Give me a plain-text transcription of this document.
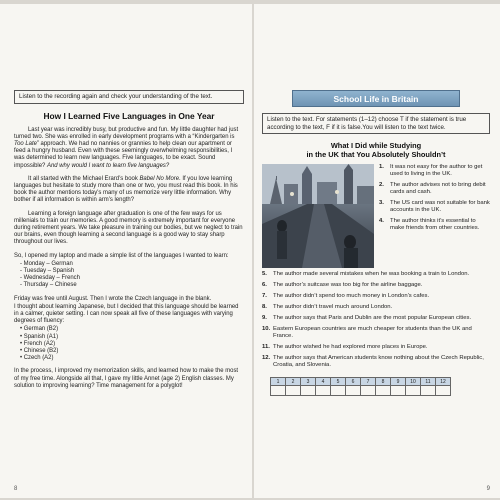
Listen to the recording again and check your understanding of the text.
How I Learned Five Languages in One Year

Last year was incredibly busy, but productive and fun. My little daughter had just turned two. She was enrolled in early development programs with a “Kindergarten is Too Late” approach. We had no nannies or grannies to help clean our apartment or feed a hungry husband. Even with these seemingly overwhelming responsibilities, I was determined to learn new languages. Five languages, to be exact. Sound impossible? And why would I want to learn five languages?

It all started with the Michael Erard’s book Babel No More. If you love learning languages but hesitate to study more than one or two, you must read this book. In his book the author mentions today’s many of us memorize very little information. Why bother if all information is within arm’s length?

Learning a foreign language after graduation is one of the few ways for us millenials to train our memories. A good memory is extremely important for everyone during retirement years. We take pleasure in training our bodies, but we neglect to train our brains, even though learning a second language is a good way to stay sharp throughout our lives.

So, I opened my laptop and made a simple list of the languages I wanted to learn:

- Monday – German
- Tuesday – Spanish
- Wednesday – French
- Thursday – Chinese

Friday was free until August. Then I wrote the Czech language in the blank.

I thought about learning Japanese, but I decided that this language should be learned in a calmer, quieter setting. I can now speak all five of these languages with varying degrees of fluency:

• German (B2)
• Spanish (A1)
• French (A2)
• Chinese (B2)
• Czech (A2)

In the process, I improved my memorization skills, and learned how to make the most of my free time. Alongside all that, I gave my little Annet (age 2) English classes. My solution to improving learning? Time management for a polyglot!

8
School Life in Britain
Listen to the text. For statements (1–12) choose T if the statement is true according to the text, F if it is false.You will listen to the text twice.
What I Did while Studying
in the UK that You Absolutely Shouldn’t
1.	It was not easy for the author to get used to living in the UK.
2.	The author advises not to bring debit cards and cash.
3.	The US card was not suitable for bank accounts in the UK.
4.	The author thinks it’s essential to make friends from other countries.
5.	The author made several mistakes when he was booking a train to London.
6.	The author’s suitcase was too big for the airline baggage.
7.	The author didn’t spend too much money in London’s cafes.
8.	The author didn’t travel much around London.
9.	The author says that Paris and Dublin are the most popular European cities.
10. Eastern European countries are much cheaper for students than the UK and France.
11. The author wished he had explored more places in Europe.
12. The author says that American students know nothing about the Czech Republic, Croatia, and Slovenia.
1	2	3	4	5	6	7	8	9	10	11	12

9
